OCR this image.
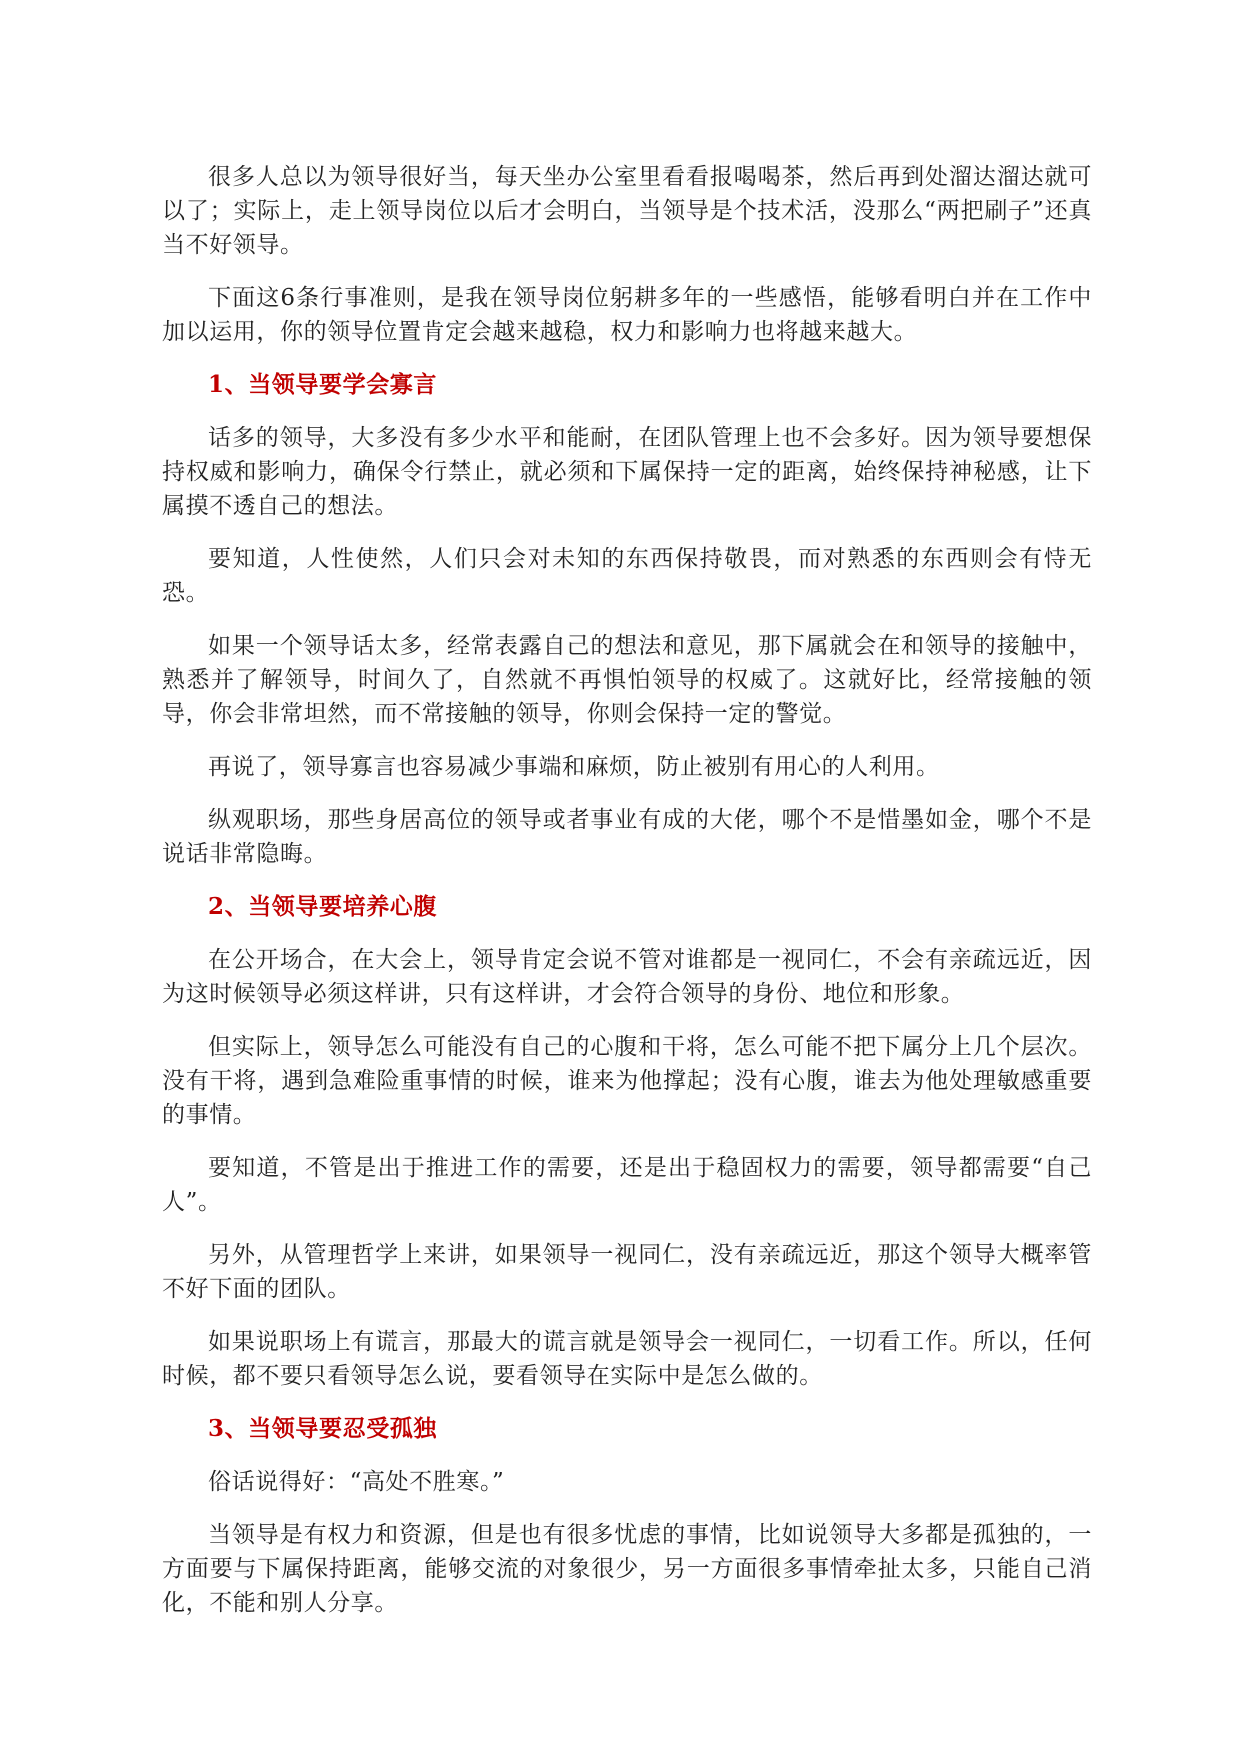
很多人总以为领导很好当，每天坐办公室里看看报喝喝茶，然后再到处溜达溜达就可以了；实际上，走上领导岗位以后才会明白，当领导是个技术活，没那么“两把刷子”还真当不好领导。

下面这6条行事准则，是我在领导岗位躬耕多年的一些感悟，能够看明白并在工作中加以运用，你的领导位置肯定会越来越稳，权力和影响力也将越来越大。

1、当领导要学会寡言

话多的领导，大多没有多少水平和能耐，在团队管理上也不会多好。因为领导要想保持权威和影响力，确保令行禁止，就必须和下属保持一定的距离，始终保持神秘感，让下属摸不透自己的想法。

要知道，人性使然，人们只会对未知的东西保持敬畏，而对熟悉的东西则会有恃无恐。

如果一个领导话太多，经常表露自己的想法和意见，那下属就会在和领导的接触中，熟悉并了解领导，时间久了，自然就不再惧怕领导的权威了。这就好比，经常接触的领导，你会非常坦然，而不常接触的领导，你则会保持一定的警觉。

再说了，领导寡言也容易减少事端和麻烦，防止被别有用心的人利用。

纵观职场，那些身居高位的领导或者事业有成的大佬，哪个不是惜墨如金，哪个不是说话非常隐晦。

2、当领导要培养心腹

在公开场合，在大会上，领导肯定会说不管对谁都是一视同仁，不会有亲疏远近，因为这时候领导必须这样讲，只有这样讲，才会符合领导的身份、地位和形象。

但实际上，领导怎么可能没有自己的心腹和干将，怎么可能不把下属分上几个层次。没有干将，遇到急难险重事情的时候，谁来为他撑起；没有心腹，谁去为他处理敏感重要的事情。

要知道，不管是出于推进工作的需要，还是出于稳固权力的需要，领导都需要“自己人”。

另外，从管理哲学上来讲，如果领导一视同仁，没有亲疏远近，那这个领导大概率管不好下面的团队。

如果说职场上有谎言，那最大的谎言就是领导会一视同仁，一切看工作。所以，任何时候，都不要只看领导怎么说，要看领导在实际中是怎么做的。

3、当领导要忍受孤独

俗话说得好：“高处不胜寒。”

当领导是有权力和资源，但是也有很多忧虑的事情，比如说领导大多都是孤独的，一方面要与下属保持距离，能够交流的对象很少，另一方面很多事情牵扯太多，只能自己消化，不能和别人分享。
